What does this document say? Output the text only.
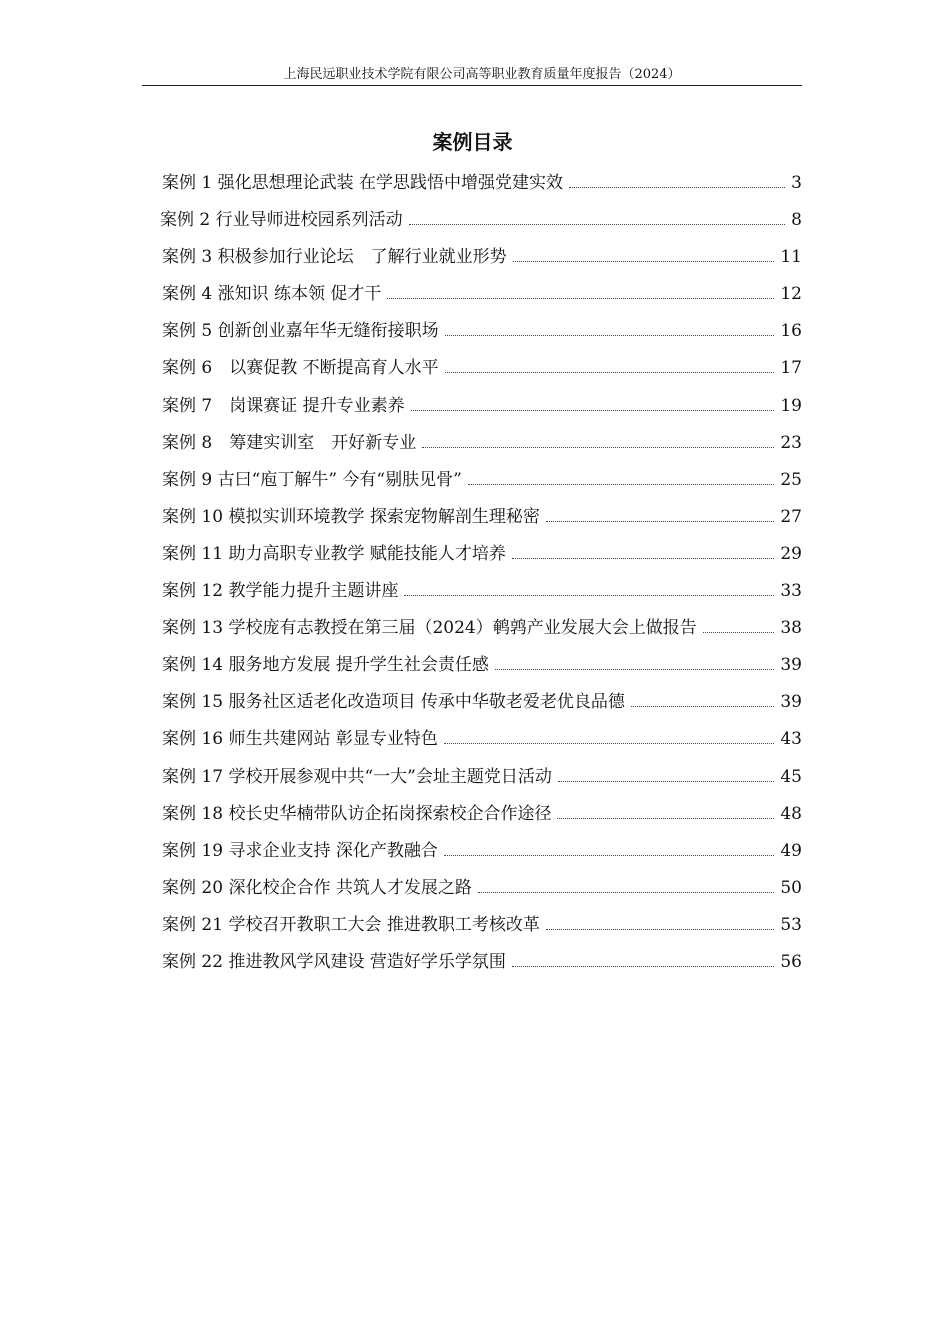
上海民远职业技术学院有限公司高等职业教育质量年度报告（2024）
案例目录
案例 1 强化思想理论武装 在学思践悟中增强党建实效	3
案例 2 行业导师进校园系列活动	8
案例 3 积极参加行业论坛　了解行业就业形势	11
案例 4 涨知识 练本领 促才干	12
案例 5 创新创业嘉年华无缝衔接职场	16
案例 6　以赛促教 不断提高育人水平	17
案例 7　岗课赛证 提升专业素养	19
案例 8　筹建实训室　开好新专业	23
案例 9 古曰“庖丁解牛” 今有“剔肤见骨”	25
案例 10 模拟实训环境教学 探索宠物解剖生理秘密	27
案例 11 助力高职专业教学 赋能技能人才培养	29
案例 12 教学能力提升主题讲座	33
案例 13 学校庞有志教授在第三届（2024）鹌鹑产业发展大会上做报告	38
案例 14 服务地方发展 提升学生社会责任感	39
案例 15 服务社区适老化改造项目 传承中华敬老爱老优良品德	39
案例 16 师生共建网站 彰显专业特色	43
案例 17 学校开展参观中共“一大”会址主题党日活动	45
案例 18 校长史华楠带队访企拓岗探索校企合作途径	48
案例 19 寻求企业支持 深化产教融合	49
案例 20 深化校企合作 共筑人才发展之路	50
案例 21 学校召开教职工大会 推进教职工考核改革	53
案例 22 推进教风学风建设 营造好学乐学氛围	56
